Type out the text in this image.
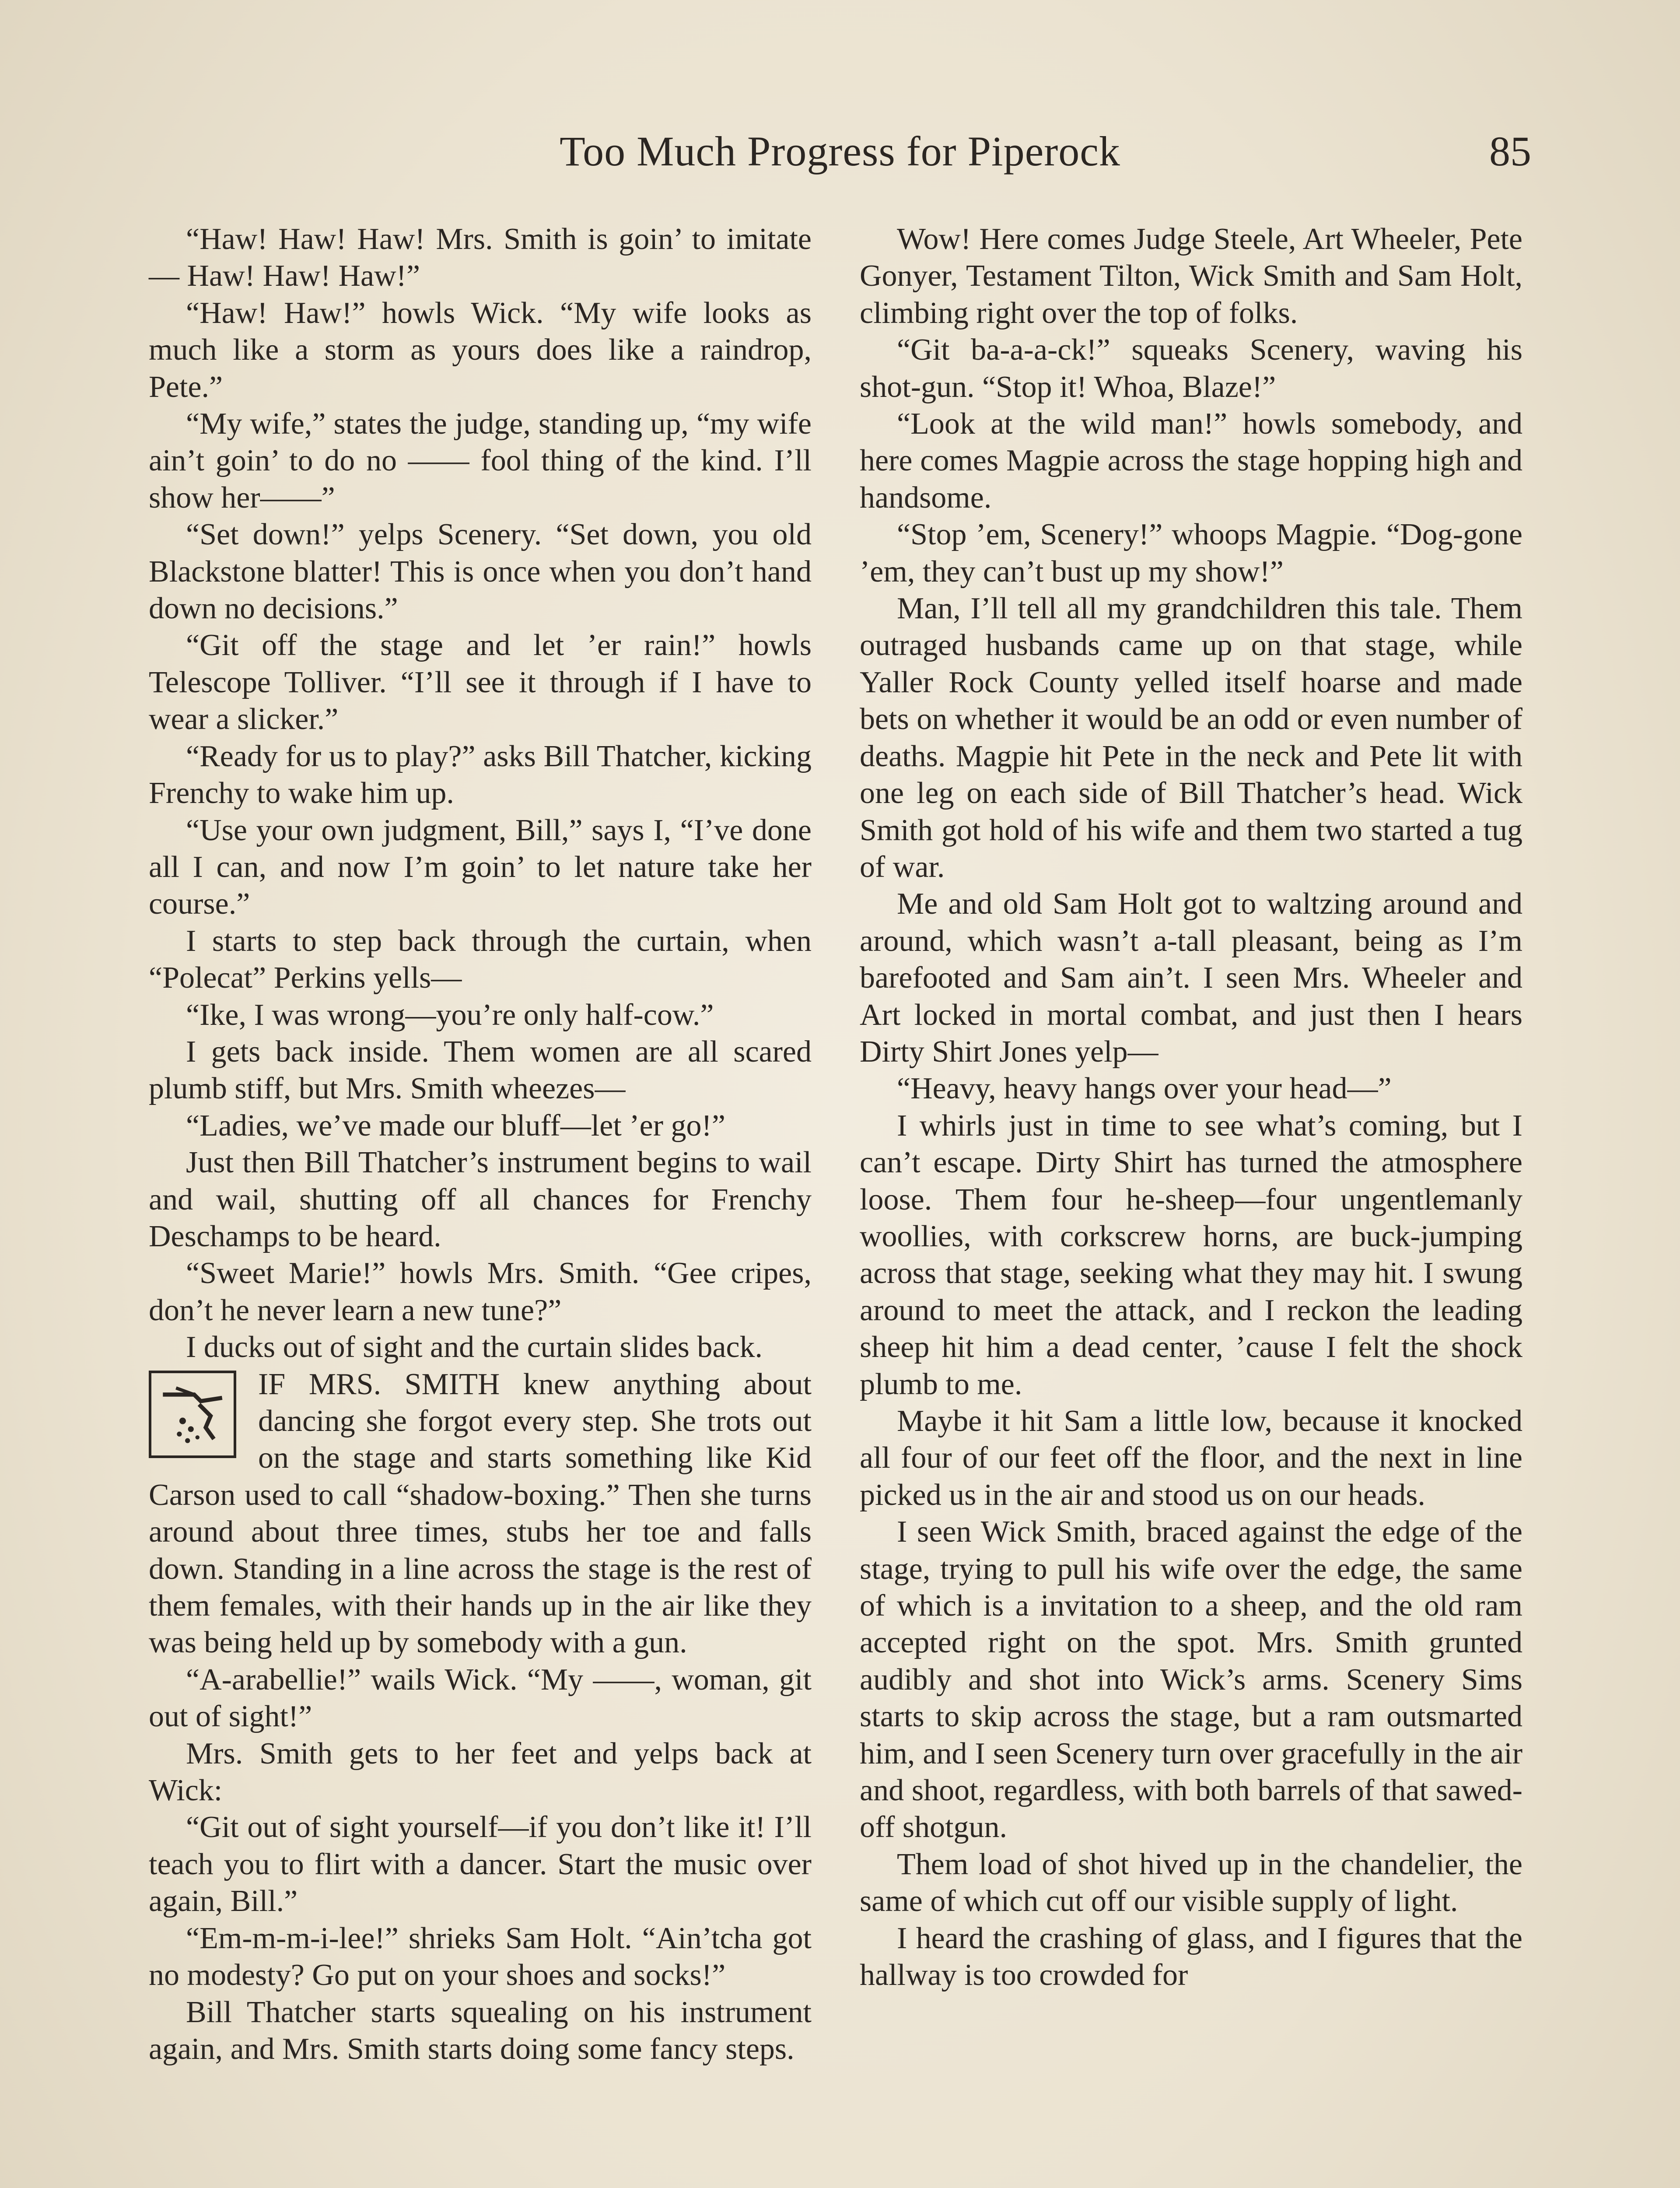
Too Much Progress for Piperock	85

“Haw! Haw! Haw! Mrs. Smith is goin’ to imitate— Haw! Haw! Haw!”

“Haw! Haw!” howls Wick. “My wife looks as much like a storm as yours does like a raindrop, Pete.”

“My wife,” states the judge, standing up, “my wife ain’t goin’ to do no —— fool thing of the kind. I’ll show her——”

“Set down!” yelps Scenery. “Set down, you old Blackstone blatter! This is once when you don’t hand down no decisions.”

“Git off the stage and let ’er rain!” howls Telescope Tolliver. “I’ll see it through if I have to wear a slicker.”

“Ready for us to play?” asks Bill Thatcher, kicking Frenchy to wake him up.

“Use your own judgment, Bill,” says I, “I’ve done all I can, and now I’m goin’ to let nature take her course.”

I starts to step back through the curtain, when “Polecat” Perkins yells—

“Ike, I was wrong—you’re only half-cow.”

I gets back inside. Them women are all scared plumb stiff, but Mrs. Smith wheezes—

“Ladies, we’ve made our bluff—let ’er go!”

Just then Bill Thatcher’s instrument begins to wail and wail, shutting off all chances for Frenchy Deschamps to be heard.

“Sweet Marie!” howls Mrs. Smith. “Gee cripes, don’t he never learn a new tune?”

I ducks out of sight and the curtain slides back.

IF MRS. SMITH knew anything about dancing she forgot every step. She trots out on the stage and starts something like Kid Carson used to call “shadow-boxing.” Then she turns around about three times, stubs her toe and falls down. Standing in a line across the stage is the rest of them females, with their hands up in the air like they was being held up by somebody with a gun.

“A-arabellie!” wails Wick. “My ——, woman, git out of sight!”

Mrs. Smith gets to her feet and yelps back at Wick:

“Git out of sight yourself—if you don’t like it! I’ll teach you to flirt with a dancer. Start the music over again, Bill.”

“Em-m-m-i-lee!” shrieks Sam Holt. “Ain’tcha got no modesty? Go put on your shoes and socks!”

Bill Thatcher starts squealing on his instrument again, and Mrs. Smith starts doing some fancy steps.

Wow! Here comes Judge Steele, Art Wheeler, Pete Gonyer, Testament Tilton, Wick Smith and Sam Holt, climbing right over the top of folks.

“Git ba-a-a-ck!” squeaks Scenery, waving his shot-gun. “Stop it! Whoa, Blaze!”

“Look at the wild man!” howls somebody, and here comes Magpie across the stage hopping high and handsome.

“Stop ’em, Scenery!” whoops Magpie. “Dog-gone ’em, they can’t bust up my show!”

Man, I’ll tell all my grandchildren this tale. Them outraged husbands came up on that stage, while Yaller Rock County yelled itself hoarse and made bets on whether it would be an odd or even number of deaths. Magpie hit Pete in the neck and Pete lit with one leg on each side of Bill Thatcher’s head. Wick Smith got hold of his wife and them two started a tug of war.

Me and old Sam Holt got to waltzing around and around, which wasn’t a-tall pleasant, being as I’m barefooted and Sam ain’t. I seen Mrs. Wheeler and Art locked in mortal combat, and just then I hears Dirty Shirt Jones yelp—

“Heavy, heavy hangs over your head—”

I whirls just in time to see what’s coming, but I can’t escape. Dirty Shirt has turned the atmosphere loose. Them four he-sheep—four ungentlemanly woollies, with corkscrew horns, are buck-jumping across that stage, seeking what they may hit. I swung around to meet the attack, and I reckon the leading sheep hit him a dead center, ’cause I felt the shock plumb to me.

Maybe it hit Sam a little low, because it knocked all four of our feet off the floor, and the next in line picked us in the air and stood us on our heads.

I seen Wick Smith, braced against the edge of the stage, trying to pull his wife over the edge, the same of which is a invitation to a sheep, and the old ram accepted right on the spot. Mrs. Smith grunted audibly and shot into Wick’s arms. Scenery Sims starts to skip across the stage, but a ram outsmarted him, and I seen Scenery turn over gracefully in the air and shoot, regardless, with both barrels of that sawed-off shotgun.

Them load of shot hived up in the chandelier, the same of which cut off our visible supply of light.

I heard the crashing of glass, and I figures that the hallway is too crowded for
